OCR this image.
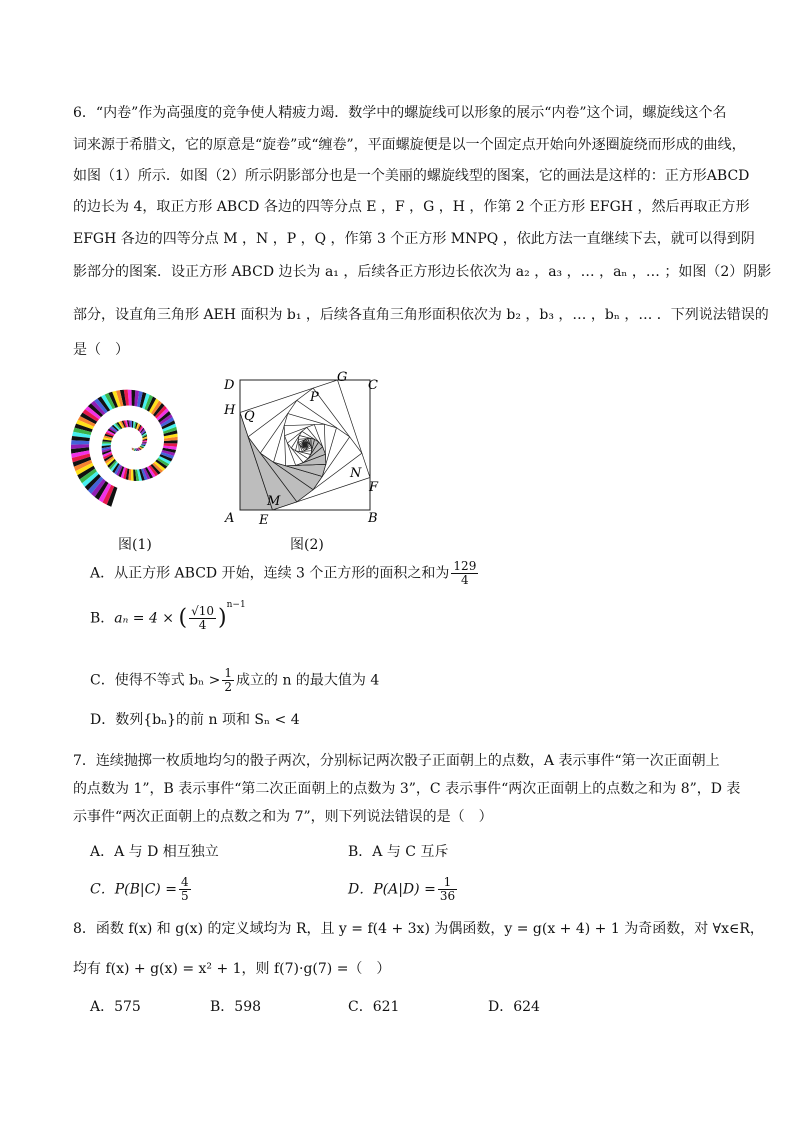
6．“内卷”作为高强度的竞争使人精疲力竭．数学中的螺旋线可以形象的展示“内卷”这个词，螺旋线这个名
词来源于希腊文，它的原意是“旋卷”或“缠卷”，平面螺旋便是以一个固定点开始向外逐圈旋绕而形成的曲线，
如图（1）所示．如图（2）所示阴影部分也是一个美丽的螺旋线型的图案，它的画法是这样的：正方形ABCD
的边长为 4，取正方形 ABCD 各边的四等分点 E ，F ，G ，H ，作第 2 个正方形 EFGH ，然后再取正方形
EFGH 各边的四等分点 M ，N ，P ，Q ，作第 3 个正方形 MNPQ ，依此方法一直继续下去，就可以得到阴
影部分的图案．设正方形 ABCD 边长为 a₁ ，后续各正方形边长依次为 a₂ ，a₃ ，… ，aₙ ，… ；如图（2）阴影
部分，设直角三角形 AEH 面积为 b₁ ，后续各直角三角形面积依次为 b₂ ，b₃ ，… ，bₙ ，… ．下列说法错误的
是（　）
图(1)
D
G
C
H Q
P
N
F
M
A E	B
图(2)
A．从正方形 ABCD 开始，连续 3 个正方形的面积之和为 $\frac{129}{4}$
B．aₙ = 4 × ( $\frac{√10}{4} )^{n-1}$
C．使得不等式 $b_n > \frac{1}{2}$ 成立的 n 的最大值为 4
D．数列{bₙ}的前 n 项和 Sₙ < 4
7．连续抛掷一枚质地均匀的骰子两次，分别标记两次骰子正面朝上的点数，A 表示事件“第一次正面朝上
的点数为 1”，B 表示事件“第二次正面朝上的点数为 3”，C 表示事件“两次正面朝上的点数之和为 8”，D 表
示事件“两次正面朝上的点数之和为 7”，则下列说法错误的是（　）
A．A 与 D 相互独立	B．A 与 C 互斥
C．$P(B|C) = \frac{4}{5}$	D．$P(A|D) = \frac{1}{36}$
8．函数 f(x) 和 g(x) 的定义域均为 R，且 y = f(4 + 3x) 为偶函数，y = g(x + 4) + 1 为奇函数，对 ∀x∈R，
均有 f(x) + g(x) = x² + 1，则 f(7)·g(7) =（　）
A．575	B．598	C．621	D．624
